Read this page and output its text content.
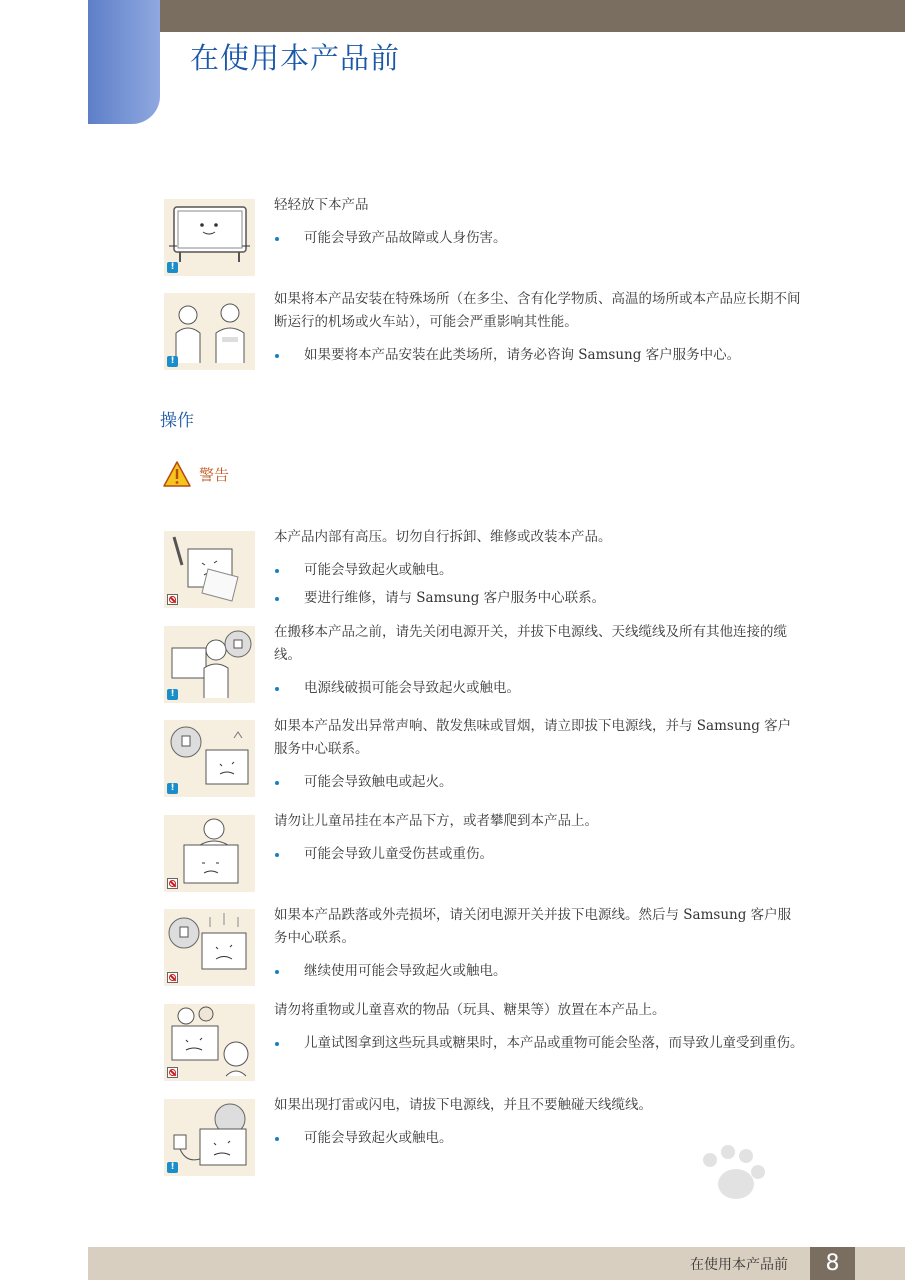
在使用本产品前
!

轻轻放下本产品

可能会导致产品故障或人身伤害。
!

如果将本产品安装在特殊场所（在多尘、含有化学物质、高温的场所或本产品应长期不间断运行的机场或火车站），可能会严重影响其性能。

如果要将本产品安装在此类场所，请务必咨询 Samsung 客户服务中心。
操作
警告

本产品内部有高压。切勿自行拆卸、维修或改装本产品。

可能会导致起火或触电。
要进行维修，请与 Samsung 客户服务中心联系。
!

在搬移本产品之前，请先关闭电源开关，并拔下电源线、天线缆线及所有其他连接的缆线。

电源线破损可能会导致起火或触电。
!

如果本产品发出异常声响、散发焦味或冒烟，请立即拔下电源线，并与 Samsung 客户服务中心联系。

可能会导致触电或起火。

请勿让儿童吊挂在本产品下方，或者攀爬到本产品上。

可能会导致儿童受伤甚或重伤。

如果本产品跌落或外壳损坏，请关闭电源开关并拔下电源线。然后与 Samsung 客户服务中心联系。

继续使用可能会导致起火或触电。

请勿将重物或儿童喜欢的物品（玩具、糖果等）放置在本产品上。

儿童试图拿到这些玩具或糖果时，本产品或重物可能会坠落，而导致儿童受到重伤。
!

如果出现打雷或闪电，请拔下电源线，并且不要触碰天线缆线。

可能会导致起火或触电。
在使用本产品前	8
